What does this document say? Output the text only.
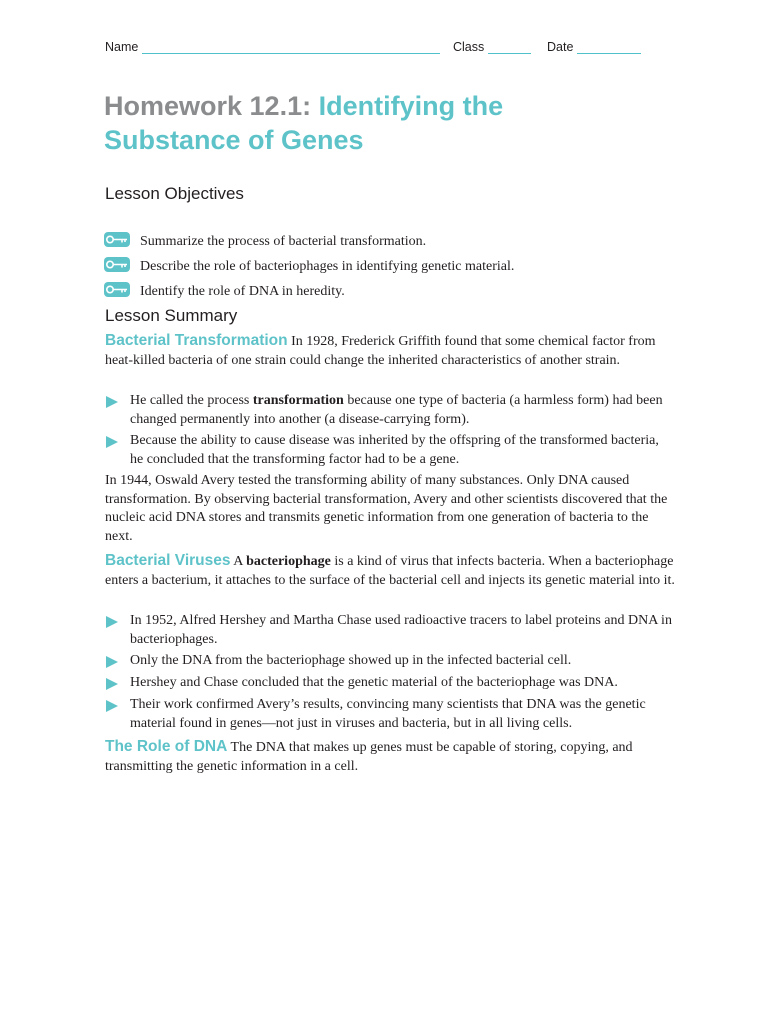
Name	Class	Date
Homework 12.1: Identifying the Substance of Genes
Lesson Objectives
Summarize the process of bacterial transformation.
Describe the role of bacteriophages in identifying genetic material.
Identify the role of DNA in heredity.
Lesson Summary
Bacterial Transformation In 1928, Frederick Griffith found that some chemical factor from heat-killed bacteria of one strain could change the inherited characteristics of another strain.
He called the process transformation because one type of bacteria (a harmless form) had been changed permanently into another (a disease-carrying form).
Because the ability to cause disease was inherited by the offspring of the transformed bacteria, he concluded that the transforming factor had to be a gene.
In 1944, Oswald Avery tested the transforming ability of many substances. Only DNA caused transformation. By observing bacterial transformation, Avery and other scientists discovered that the nucleic acid DNA stores and transmits genetic information from one generation of bacteria to the next.
Bacterial Viruses A bacteriophage is a kind of virus that infects bacteria. When a bacteriophage enters a bacterium, it attaches to the surface of the bacterial cell and injects its genetic material into it.
In 1952, Alfred Hershey and Martha Chase used radioactive tracers to label proteins and DNA in bacteriophages.
Only the DNA from the bacteriophage showed up in the infected bacterial cell.
Hershey and Chase concluded that the genetic material of the bacteriophage was DNA.
Their work confirmed Avery’s results, convincing many scientists that DNA was the genetic material found in genes—not just in viruses and bacteria, but in all living cells.
The Role of DNA The DNA that makes up genes must be capable of storing, copying, and transmitting the genetic information in a cell.
